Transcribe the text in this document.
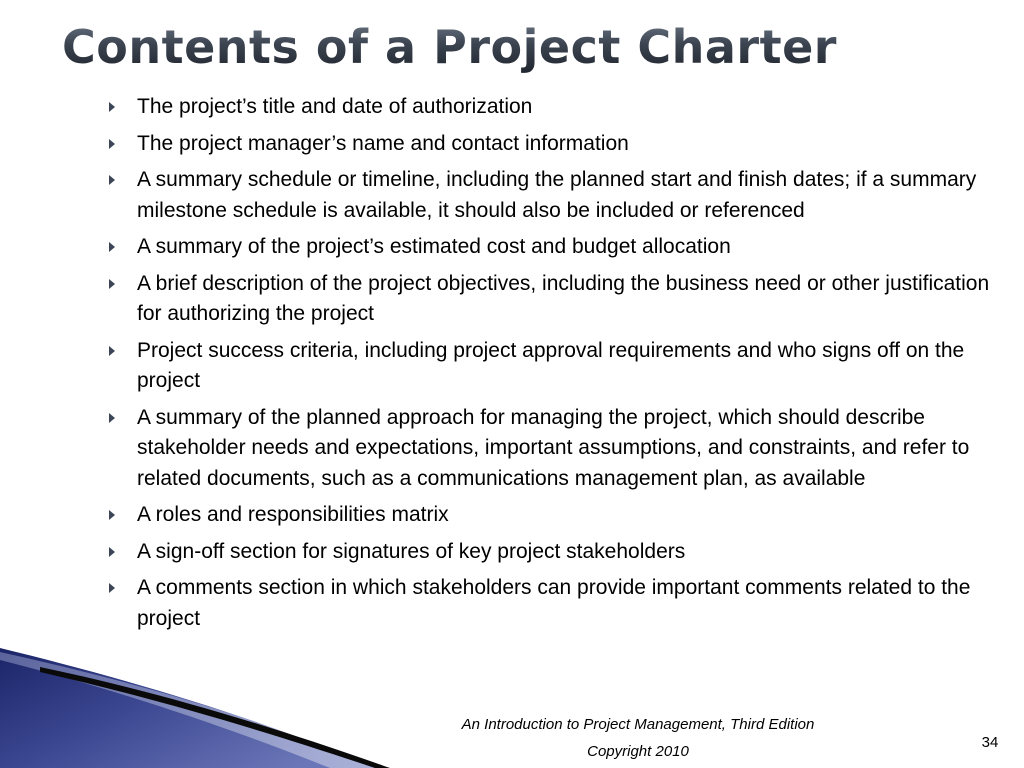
Contents of a Project Charter
The project’s title and date of authorization
The project manager’s name and contact information
A summary schedule or timeline, including the planned start and finish dates; if a summary milestone schedule is available, it should also be included or referenced
A summary of the project’s estimated cost and budget allocation
A brief description of the project objectives, including the business need or other justification for authorizing the project
Project success criteria, including project approval requirements and who signs off on the project
A summary of the planned approach for managing the project, which should describe stakeholder needs and expectations, important assumptions, and constraints, and refer to related documents, such as a communications management plan, as available
A roles and responsibilities matrix
A sign-off section for signatures of key project stakeholders
A comments section in which stakeholders can provide important comments related to the project
An Introduction to Project Management, Third Edition
Copyright 2010
34
